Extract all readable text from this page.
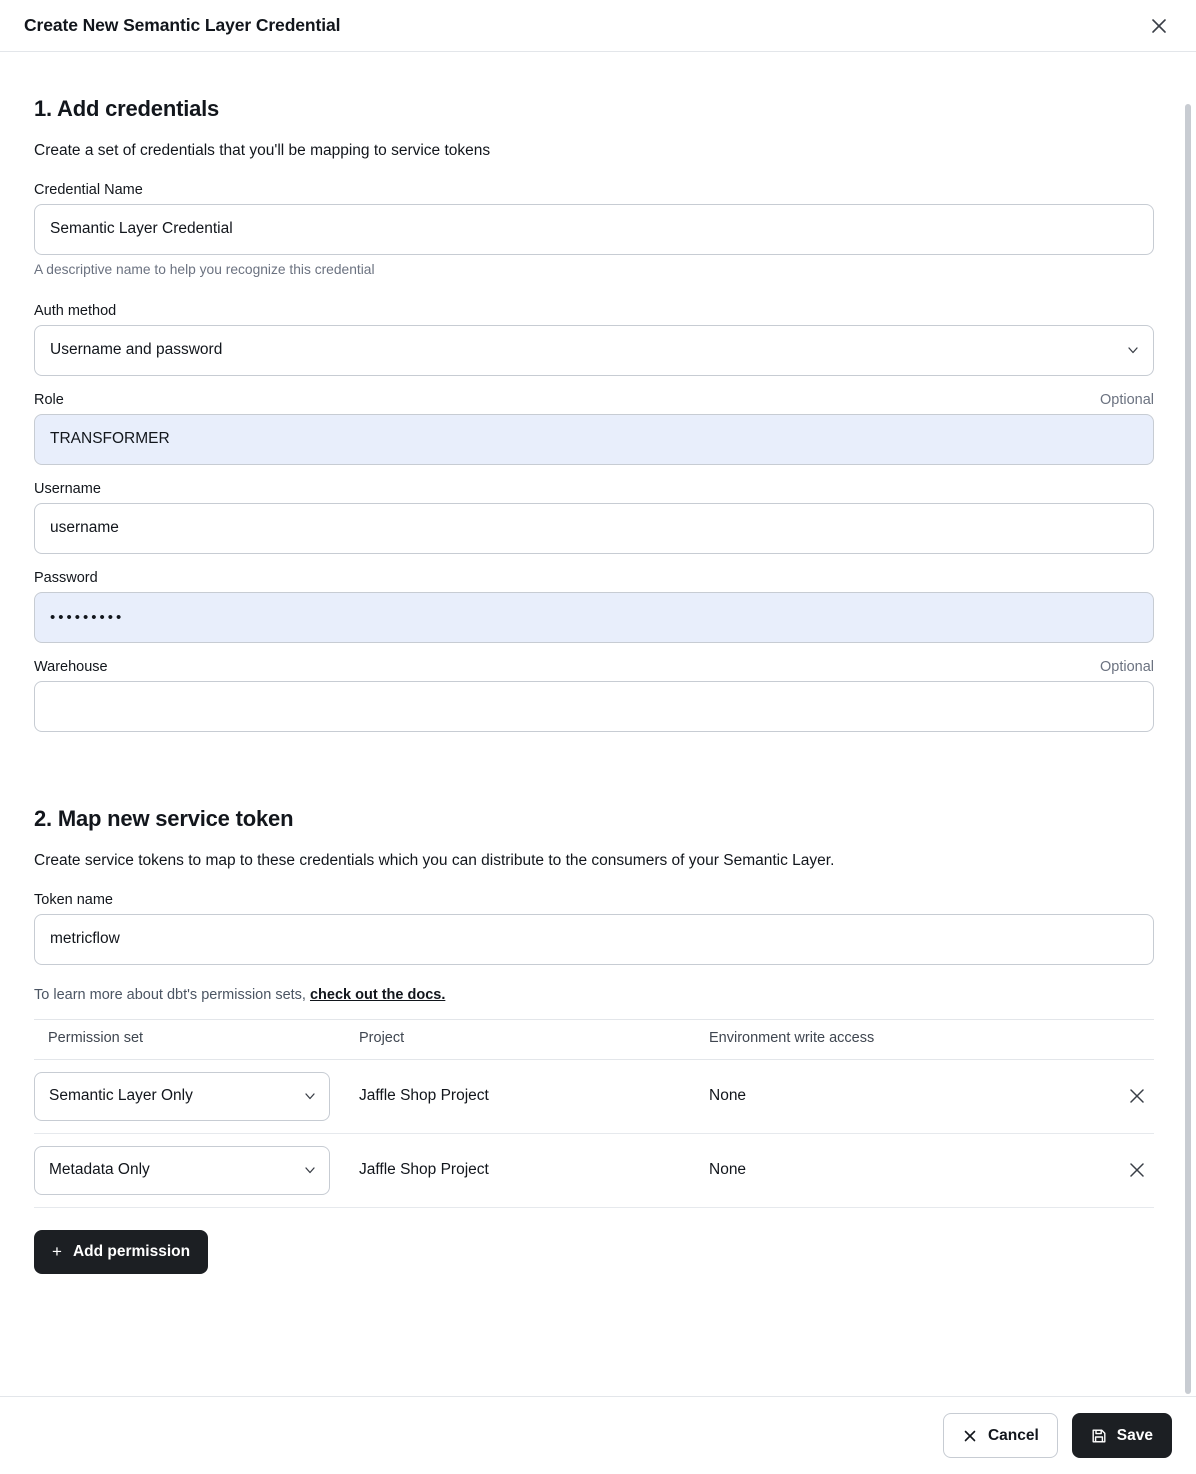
Create New Semantic Layer Credential
1. Add credentials

Create a set of credentials that you'll be mapping to service tokens

Credential Name
Semantic Layer Credential
A descriptive name to help you recognize this credential
Auth method
Username and password
Role	Optional
TRANSFORMER
Username
username
Password
•••••••••
Warehouse	Optional
2. Map new service token

Create service tokens to map to these credentials which you can distribute to the consumers of your Semantic Layer.

Token name
metricflow
To learn more about dbt's permission sets, check out the docs.
Permission set	Project	Environment write access	

Semantic Layer Only	Jaffle Shop Project	None	

Metadata Only	Jaffle Shop Project	None	
+ Add permission
Cancel	Save
